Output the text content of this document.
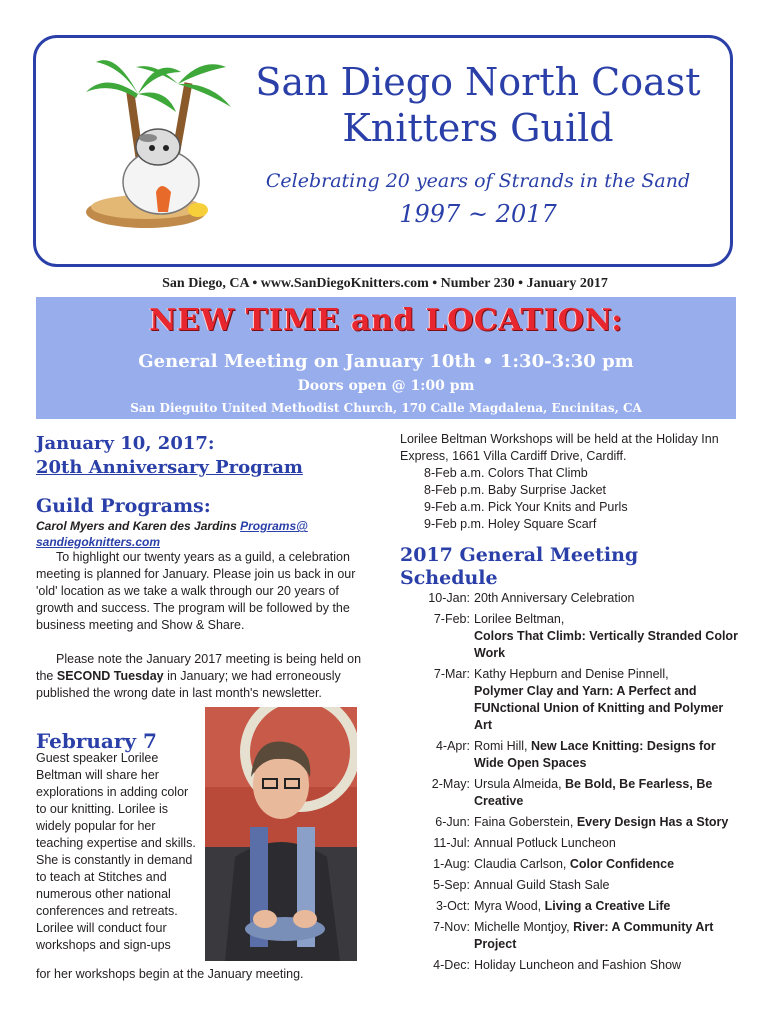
San Diego North Coast
Knitters Guild
Celebrating 20 years of Strands in the Sand
1997 ~ 2017
San Diego, CA • www.SanDiegoKnitters.com • Number 230 • January 2017
NEW TIME and LOCATION:
General Meeting on January 10th • 1:30-3:30 pm
Doors open @ 1:00 pm
San Dieguito United Methodist Church, 170 Calle Magdalena, Encinitas, CA
January 10, 2017:
20th Anniversary Program
Guild Programs:
Carol Myers and Karen des Jardins Programs@ sandiegoknitters.com
To highlight our twenty years as a guild, a celebration meeting is planned for January. Please join us back in our 'old' location as we take a walk through our 20 years of growth and success. The program will be followed by the business meeting and Show & Share.
Please note the January 2017 meeting is being held on the SECOND Tuesday in January; we had erroneously published the wrong date in last month's newsletter.
February 7
Guest speaker Lorilee Beltman will share her explorations in adding color to our knitting. Lorilee is widely popular for her teaching expertise and skills. She is constantly in demand to teach at Stitches and numerous other national conferences and retreats. Lorilee will conduct four workshops and sign-ups
for her workshops begin at the January meeting.
Lorilee Beltman Workshops will be held at the Holiday Inn Express, 1661 Villa Cardiff Drive, Cardiff.
8-Feb a.m. Colors That Climb
8-Feb p.m. Baby Surprise Jacket
9-Feb a.m. Pick Your Knits and Purls
9-Feb p.m. Holey Square Scarf
2017 General Meeting
Schedule
10-Jan: 20th Anniversary Celebration
7-Feb: Lorilee Beltman,
Colors That Climb: Vertically Stranded Color Work
7-Mar: Kathy Hepburn and Denise Pinnell,
Polymer Clay and Yarn: A Perfect and FUNctional Union of Knitting and Polymer Art
4-Apr: Romi Hill, New Lace Knitting: Designs for Wide Open Spaces
2-May: Ursula Almeida, Be Bold, Be Fearless, Be Creative
6-Jun: Faina Goberstein, Every Design Has a Story
11-Jul: Annual Potluck Luncheon
1-Aug: Claudia Carlson, Color Confidence
5-Sep: Annual Guild Stash Sale
3-Oct: Myra Wood, Living a Creative Life
7-Nov: Michelle Montjoy, River: A Community Art Project
4-Dec: Holiday Luncheon and Fashion Show
